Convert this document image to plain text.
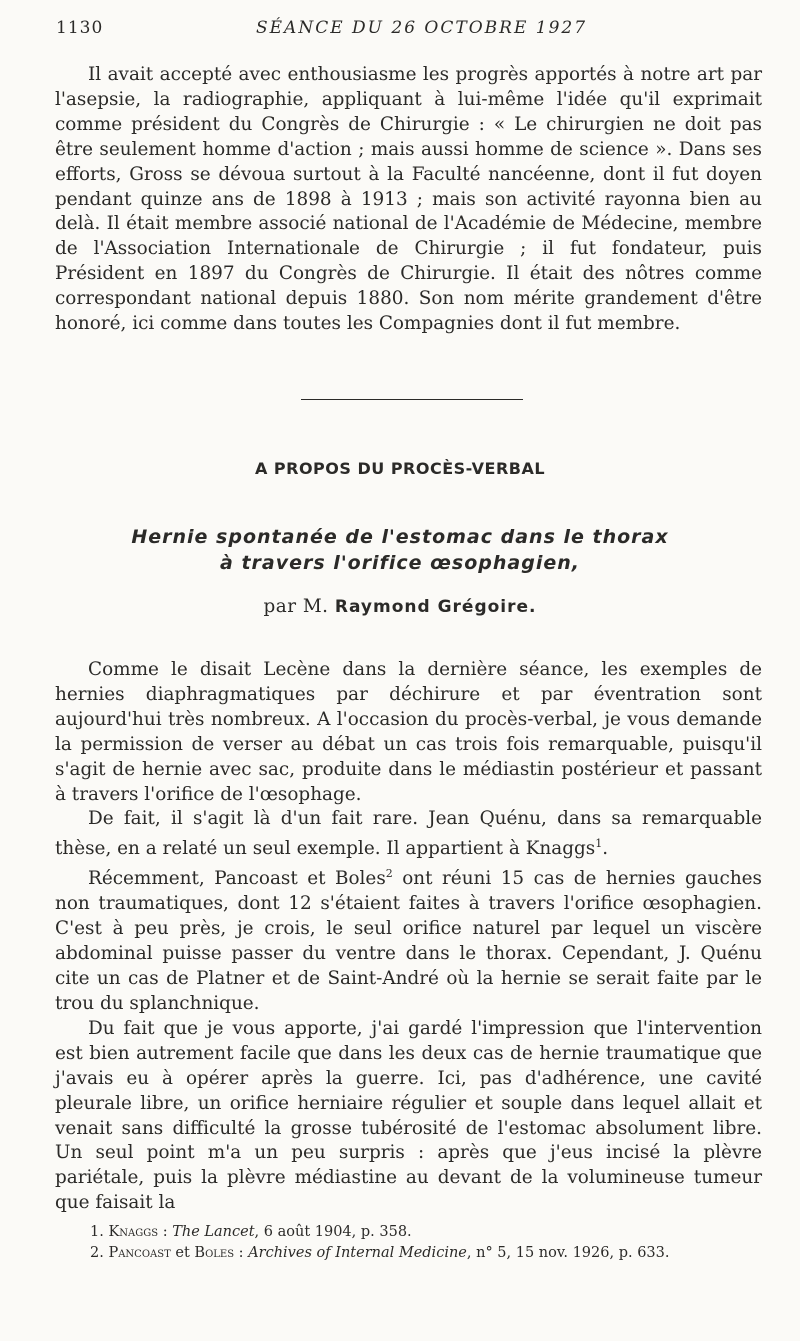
1130	SÉANCE DU 26 OCTOBRE 1927

Il avait accepté avec enthousiasme les progrès apportés à notre art par l'asepsie, la radiographie, appliquant à lui-même l'idée qu'il exprimait comme président du Congrès de Chirurgie : « Le chirurgien ne doit pas être seulement homme d'action ; mais aussi homme de science ». Dans ses efforts, Gross se dévoua surtout à la Faculté nancéenne, dont il fut doyen pendant quinze ans de 1898 à 1913 ; mais son activité rayonna bien au delà. Il était membre associé national de l'Académie de Médecine, membre de l'Association Internationale de Chirurgie ; il fut fondateur, puis Président en 1897 du Congrès de Chirurgie. Il était des nôtres comme correspondant national depuis 1880. Son nom mérite grandement d'être honoré, ici comme dans toutes les Compagnies dont il fut membre.

A PROPOS DU PROCÈS-VERBAL
Hernie spontanée de l'estomac dans le thorax
à travers l'orifice œsophagien,
par M. Raymond Grégoire.

Comme le disait Lecène dans la dernière séance, les exemples de hernies diaphragmatiques par déchirure et par éventration sont aujourd'hui très nombreux. A l'occasion du procès-verbal, je vous demande la permission de verser au débat un cas trois fois remarquable, puisqu'il s'agit de hernie avec sac, produite dans le médiastin postérieur et passant à travers l'orifice de l'œsophage.

De fait, il s'agit là d'un fait rare. Jean Quénu, dans sa remarquable thèse, en a relaté un seul exemple. Il appartient à Knaggs$^1$.

Récemment, Pancoast et Boles$^2$ ont réuni 15 cas de hernies gauches non traumatiques, dont 12 s'étaient faites à travers l'orifice œsophagien. C'est à peu près, je crois, le seul orifice naturel par lequel un viscère abdominal puisse passer du ventre dans le thorax. Cependant, J. Quénu cite un cas de Platner et de Saint-André où la hernie se serait faite par le trou du splanchnique.

Du fait que je vous apporte, j'ai gardé l'impression que l'intervention est bien autrement facile que dans les deux cas de hernie traumatique que j'avais eu à opérer après la guerre. Ici, pas d'adhérence, une cavité pleurale libre, un orifice herniaire régulier et souple dans lequel allait et venait sans difficulté la grosse tubérosité de l'estomac absolument libre. Un seul point m'a un peu surpris : après que j'eus incisé la plèvre pariétale, puis la plèvre médiastine au devant de la volumineuse tumeur que faisait la

1. Knaggs : The Lancet, 6 août 1904, p. 358.
2. Pancoast et Boles : Archives of Internal Medicine, n° 5, 15 nov. 1926, p. 633.
